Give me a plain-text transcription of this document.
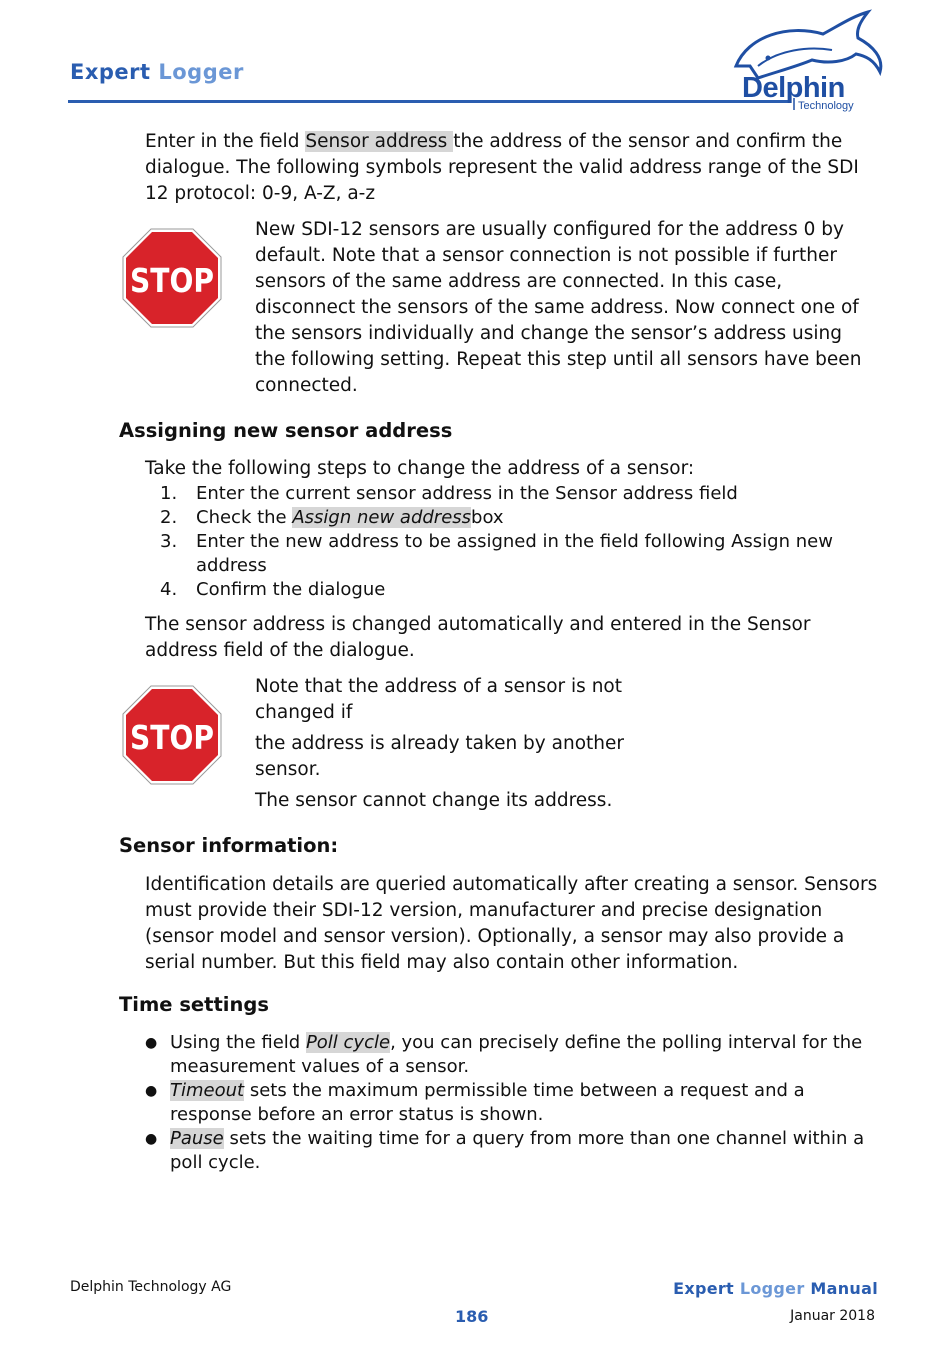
Expert Logger	Delphin
Technology
Enter in the field Sensor address the address of the sensor and confirm the dialogue. The following symbols represent the valid address range of the SDI 12 protocol: 0-9, A-Z, a-z
STOP
New SDI-12 sensors are usually configured for the address 0 by default. Note that a sensor connection is not possible if further sensors of the same address are connected. In this case, disconnect the sensors of the same address. Now connect one of the sensors individually and change the sensor’s address using the following setting. Repeat this step until all sensors have been connected.
Assigning new sensor address
Take the following steps to change the address of a sensor:
1. Enter the current sensor address in the Sensor address field
2. Check the Assign new addressbox
3. Enter the new address to be assigned in the field following Assign new address
4. Confirm the dialogue
The sensor address is changed automatically and entered in the Sensor address field of the dialogue.
STOP
Note that the address of a sensor is not changed if
the address is already taken by another sensor.
The sensor cannot change its address.
Sensor information:
Identification details are queried automatically after creating a sensor. Sensors must provide their SDI-12 version, manufacturer and precise designation (sensor model and sensor version). Optionally, a sensor may also provide a serial number. But this field may also contain other information.
Time settings
● Using the field Poll cycle, you can precisely define the polling interval for the measurement values of a sensor.
● Timeout sets the maximum permissible time between a request and a response before an error status is shown.
● Pause sets the waiting time for a query from more than one channel within a poll cycle.
Delphin Technology AG	Expert Logger Manual
186	Januar 2018
